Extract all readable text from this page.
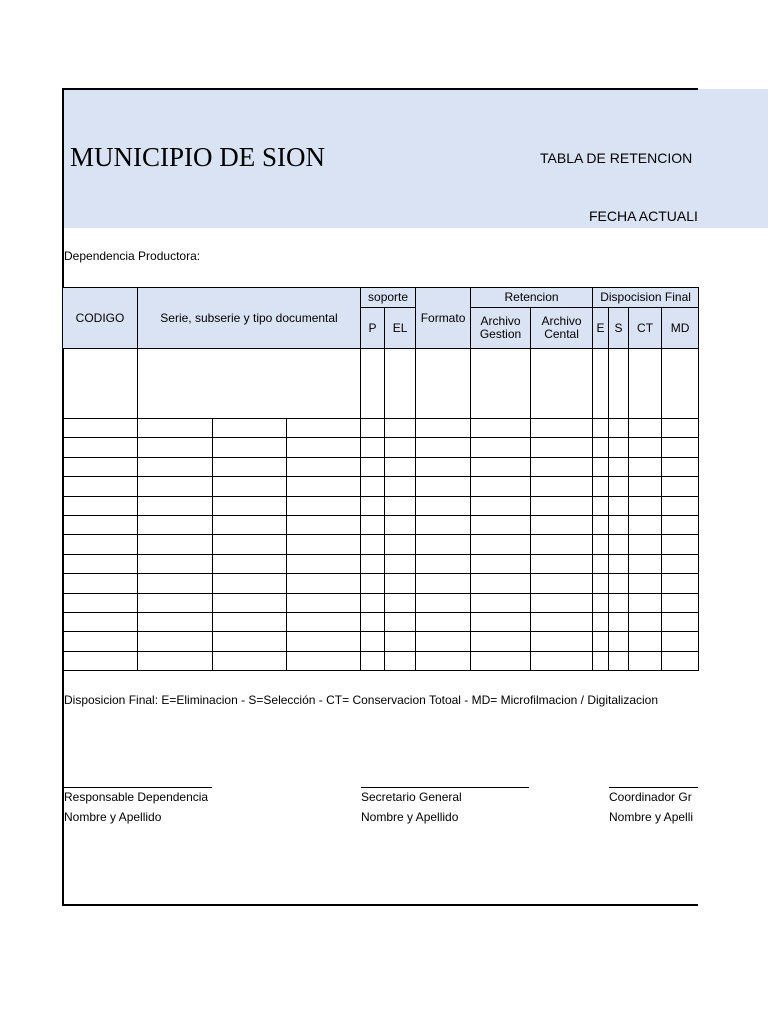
MUNICIPIO DE SION	TABLA DE RETENCION
FECHA ACTUALI
Dependencia Productora:
CODIGO	Serie, subserie y tipo documental			soporte		Formato	Retencion		Dispocision Final			
				P	EL		Archivo Gestion	Archivo Cental	E	S	CT	MD

Disposicion Final: E=Eliminacion - S=Selección - CT= Conservacion Totoal - MD= Microfilmacion / Digitalizacion
Responsable Dependencia
Nombre y Apellido
Secretario General
Nombre y Apellido
Coordinador Gr
Nombre y Apelli
